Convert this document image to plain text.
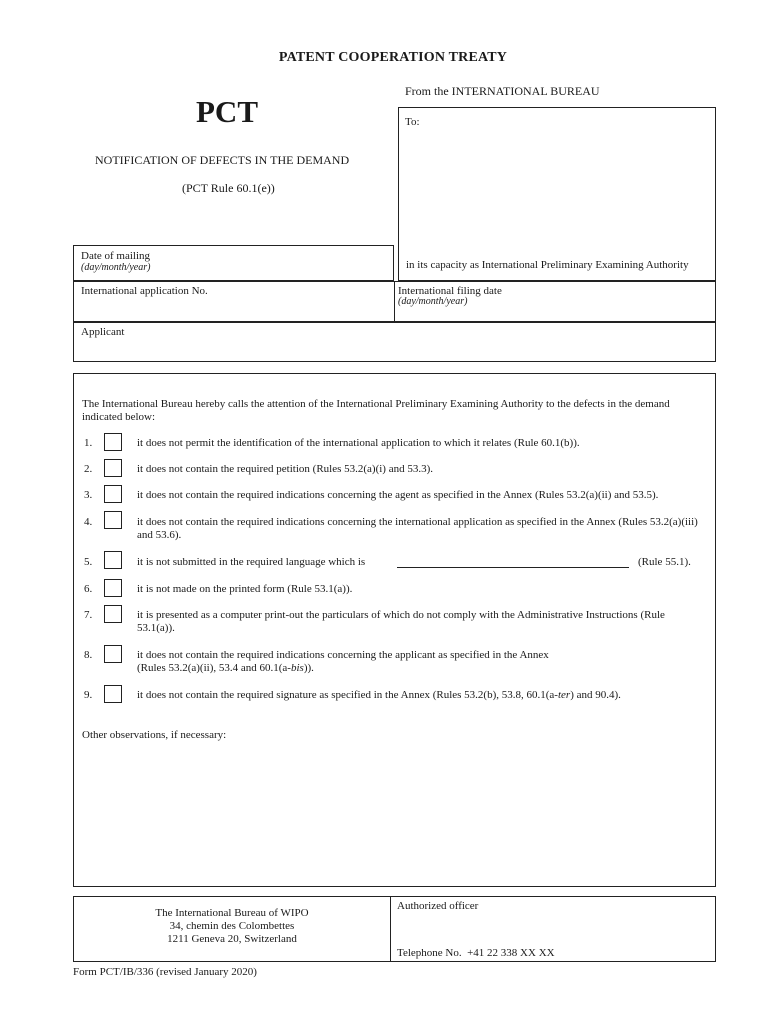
PATENT COOPERATION TREATY
PCT
NOTIFICATION OF DEFECTS IN THE DEMAND
(PCT Rule 60.1(e))
From the INTERNATIONAL BUREAU
To:
in its capacity as International Preliminary Examining Authority
Date of mailing
(day/month/year)
International application No.	International filing date
(day/month/year)
Applicant
The International Bureau hereby calls the attention of the International Preliminary Examining Authority to the defects in the demand indicated below:
1.	it does not permit the identification of the international application to which it relates (Rule 60.1(b)).
2.	it does not contain the required petition (Rules 53.2(a)(i) and 53.3).
3.	it does not contain the required indications concerning the agent as specified in the Annex (Rules 53.2(a)(ii) and 53.5).
4.	it does not contain the required indications concerning the international application as specified in the Annex (Rules 53.2(a)(iii) and 53.6).
5.	it is not submitted in the required language which is	(Rule 55.1).
6.	it is not made on the printed form (Rule 53.1(a)).
7.	it is presented as a computer print-out the particulars of which do not comply with the Administrative Instructions (Rule 53.1(a)).
8.	it does not contain the required indications concerning the applicant as specified in the Annex
(Rules 53.2(a)(ii), 53.4 and 60.1(a-bis)).
9.	it does not contain the required signature as specified in the Annex (Rules 53.2(b), 53.8, 60.1(a-ter) and 90.4).
Other observations, if necessary:
The International Bureau of WIPO
34, chemin des Colombettes
1211 Geneva 20, Switzerland
Authorized officer
Telephone No.  +41 22 338 XX XX
Form PCT/IB/336 (revised January 2020)
